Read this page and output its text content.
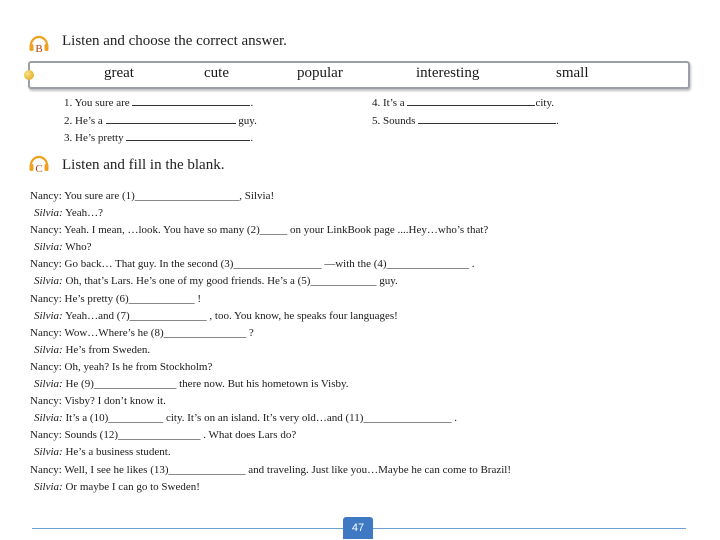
B Listen and choose the correct answer.
great	cute	popular	interesting	small
1. You sure are	.
2. He’s a	guy.
3. He’s pretty	.
4. It’s a	city.
5. Sounds	.
C Listen and fill in the blank.
Nancy: You sure are (1)___________________, Silvia!
Silvia: Yeah…?
Nancy: Yeah. I mean, …look. You have so many (2)_____ on your LinkBook page ....Hey…who’s that?
Silvia: Who?
Nancy: Go back… That guy. In the second (3)________________ —with the (4)_______________ .
Silvia: Oh, that’s Lars. He’s one of my good friends. He’s a (5)____________ guy.
Nancy: He’s pretty (6)____________ !
Silvia: Yeah…and (7)______________ , too. You know, he speaks four languages!
Nancy: Wow…Where’s he (8)_______________ ?
Silvia: He’s from Sweden.
Nancy: Oh, yeah? Is he from Stockholm?
Silvia: He (9)_______________ there now. But his hometown is Visby.
Nancy: Visby? I don’t know it.
Silvia: It’s a (10)__________ city. It’s on an island. It’s very old…and (11)________________ .
Nancy: Sounds (12)_______________ . What does Lars do?
Silvia: He’s a business student.
Nancy: Well, I see he likes (13)______________ and traveling. Just like you…Maybe he can come to Brazil!
Silvia: Or maybe I can go to Sweden!
47
